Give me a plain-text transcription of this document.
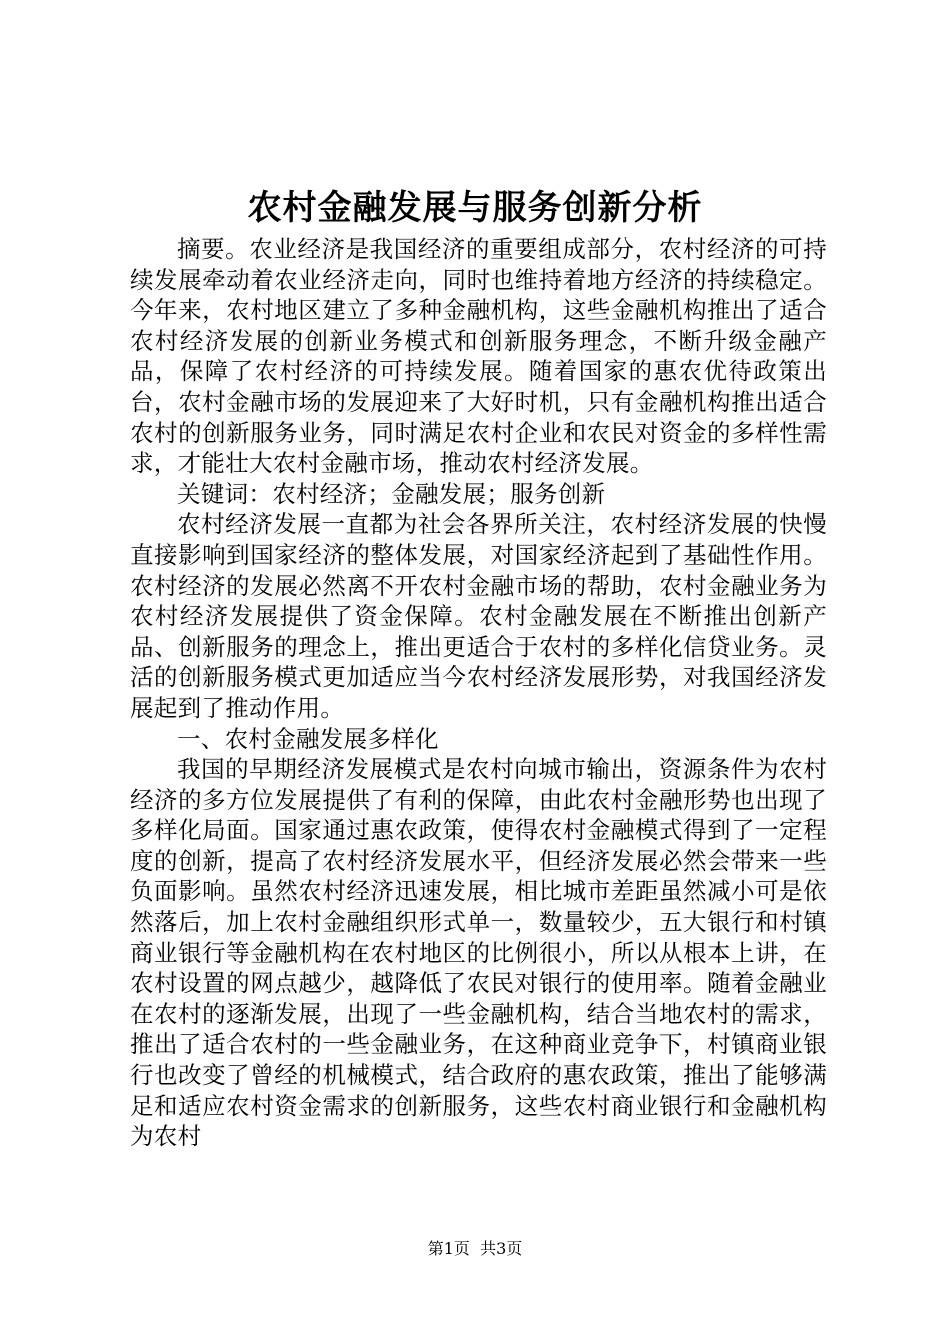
农村金融发展与服务创新分析

摘要。农业经济是我国经济的重要组成部分，农村经济的可持续发展牵动着农业经济走向，同时也维持着地方经济的持续稳定。今年来，农村地区建立了多种金融机构，这些金融机构推出了适合农村经济发展的创新业务模式和创新服务理念，不断升级金融产品，保障了农村经济的可持续发展。随着国家的惠农优待政策出台，农村金融市场的发展迎来了大好时机，只有金融机构推出适合农村的创新服务业务，同时满足农村企业和农民对资金的多样性需求，才能壮大农村金融市场，推动农村经济发展。

关键词：农村经济；金融发展；服务创新

农村经济发展一直都为社会各界所关注，农村经济发展的快慢直接影响到国家经济的整体发展，对国家经济起到了基础性作用。农村经济的发展必然离不开农村金融市场的帮助，农村金融业务为农村经济发展提供了资金保障。农村金融发展在不断推出创新产品、创新服务的理念上，推出更适合于农村的多样化信贷业务。灵活的创新服务模式更加适应当今农村经济发展形势，对我国经济发展起到了推动作用。

一、农村金融发展多样化

我国的早期经济发展模式是农村向城市输出，资源条件为农村经济的多方位发展提供了有利的保障，由此农村金融形势也出现了多样化局面。国家通过惠农政策，使得农村金融模式得到了一定程度的创新，提高了农村经济发展水平，但经济发展必然会带来一些负面影响。虽然农村经济迅速发展，相比城市差距虽然减小可是依然落后，加上农村金融组织形式单一，数量较少，五大银行和村镇商业银行等金融机构在农村地区的比例很小，所以从根本上讲，在农村设置的网点越少，越降低了农民对银行的使用率。随着金融业在农村的逐渐发展，出现了一些金融机构，结合当地农村的需求，推出了适合农村的一些金融业务，在这种商业竞争下，村镇商业银行也改变了曾经的机械模式，结合政府的惠农政策，推出了能够满足和适应农村资金需求的创新服务，这些农村商业银行和金融机构为农村

第1页 共3页
